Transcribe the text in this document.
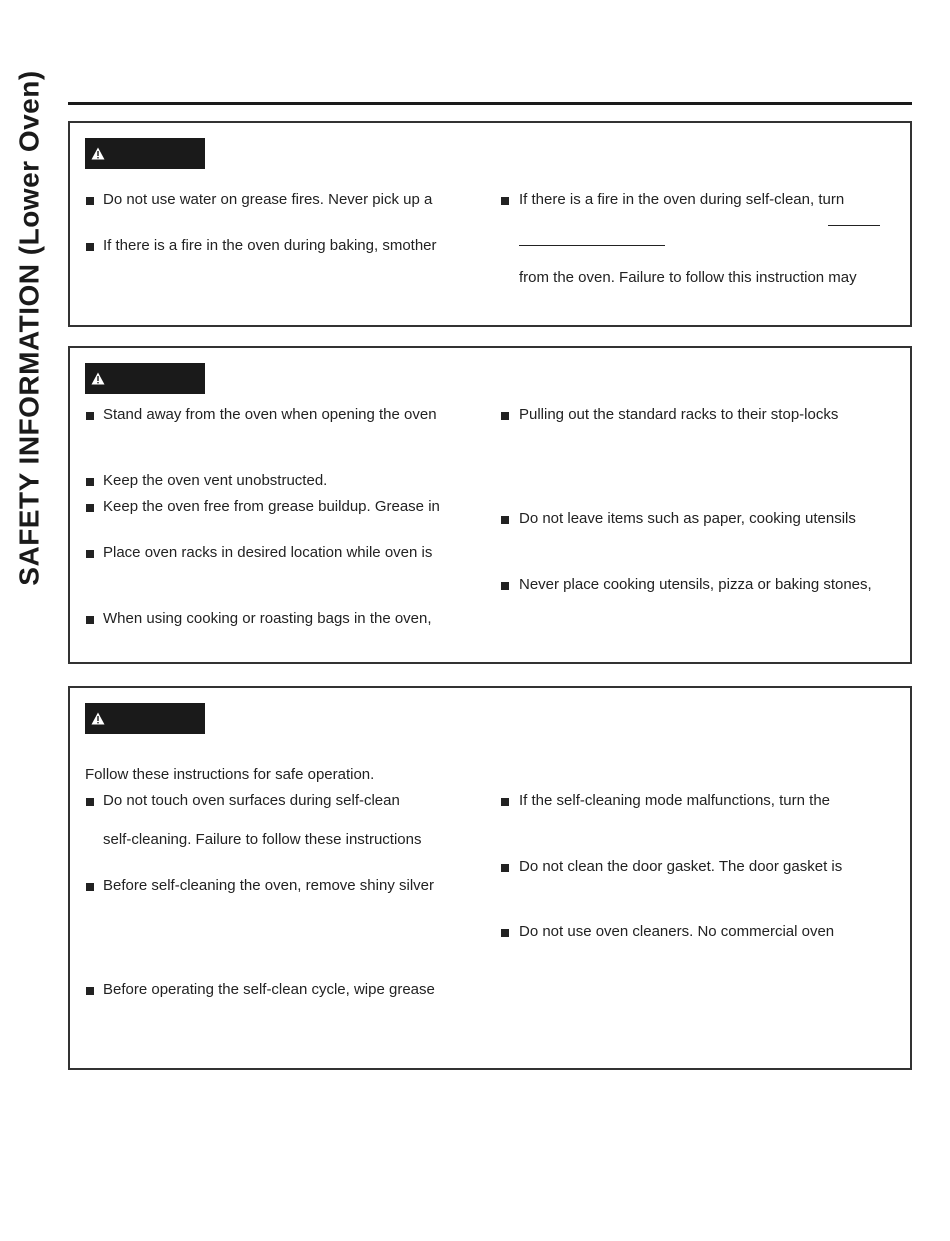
SAFETY INFORMATION (Lower Oven)	Do not use water on grease fires. Never pick up a
If there is a fire in the oven during baking, smother
If there is a fire in the oven during self-clean, turn
from the oven. Failure to follow this instruction may
Stand away from the oven when opening the oven
Keep the oven vent unobstructed.
Keep the oven free from grease buildup. Grease in
Place oven racks in desired location while oven is
When using cooking or roasting bags in the oven,
Pulling out the standard racks to their stop-locks
Do not leave items such as paper, cooking utensils
Never place cooking utensils, pizza or baking stones,
Follow these instructions for safe operation.
Do not touch oven surfaces during self-clean
self-cleaning. Failure to follow these instructions
Before self-cleaning the oven, remove shiny silver
Before operating the self-clean cycle, wipe grease
If the self-cleaning mode malfunctions, turn the
Do not clean the door gasket. The door gasket is
Do not use oven cleaners. No commercial oven
